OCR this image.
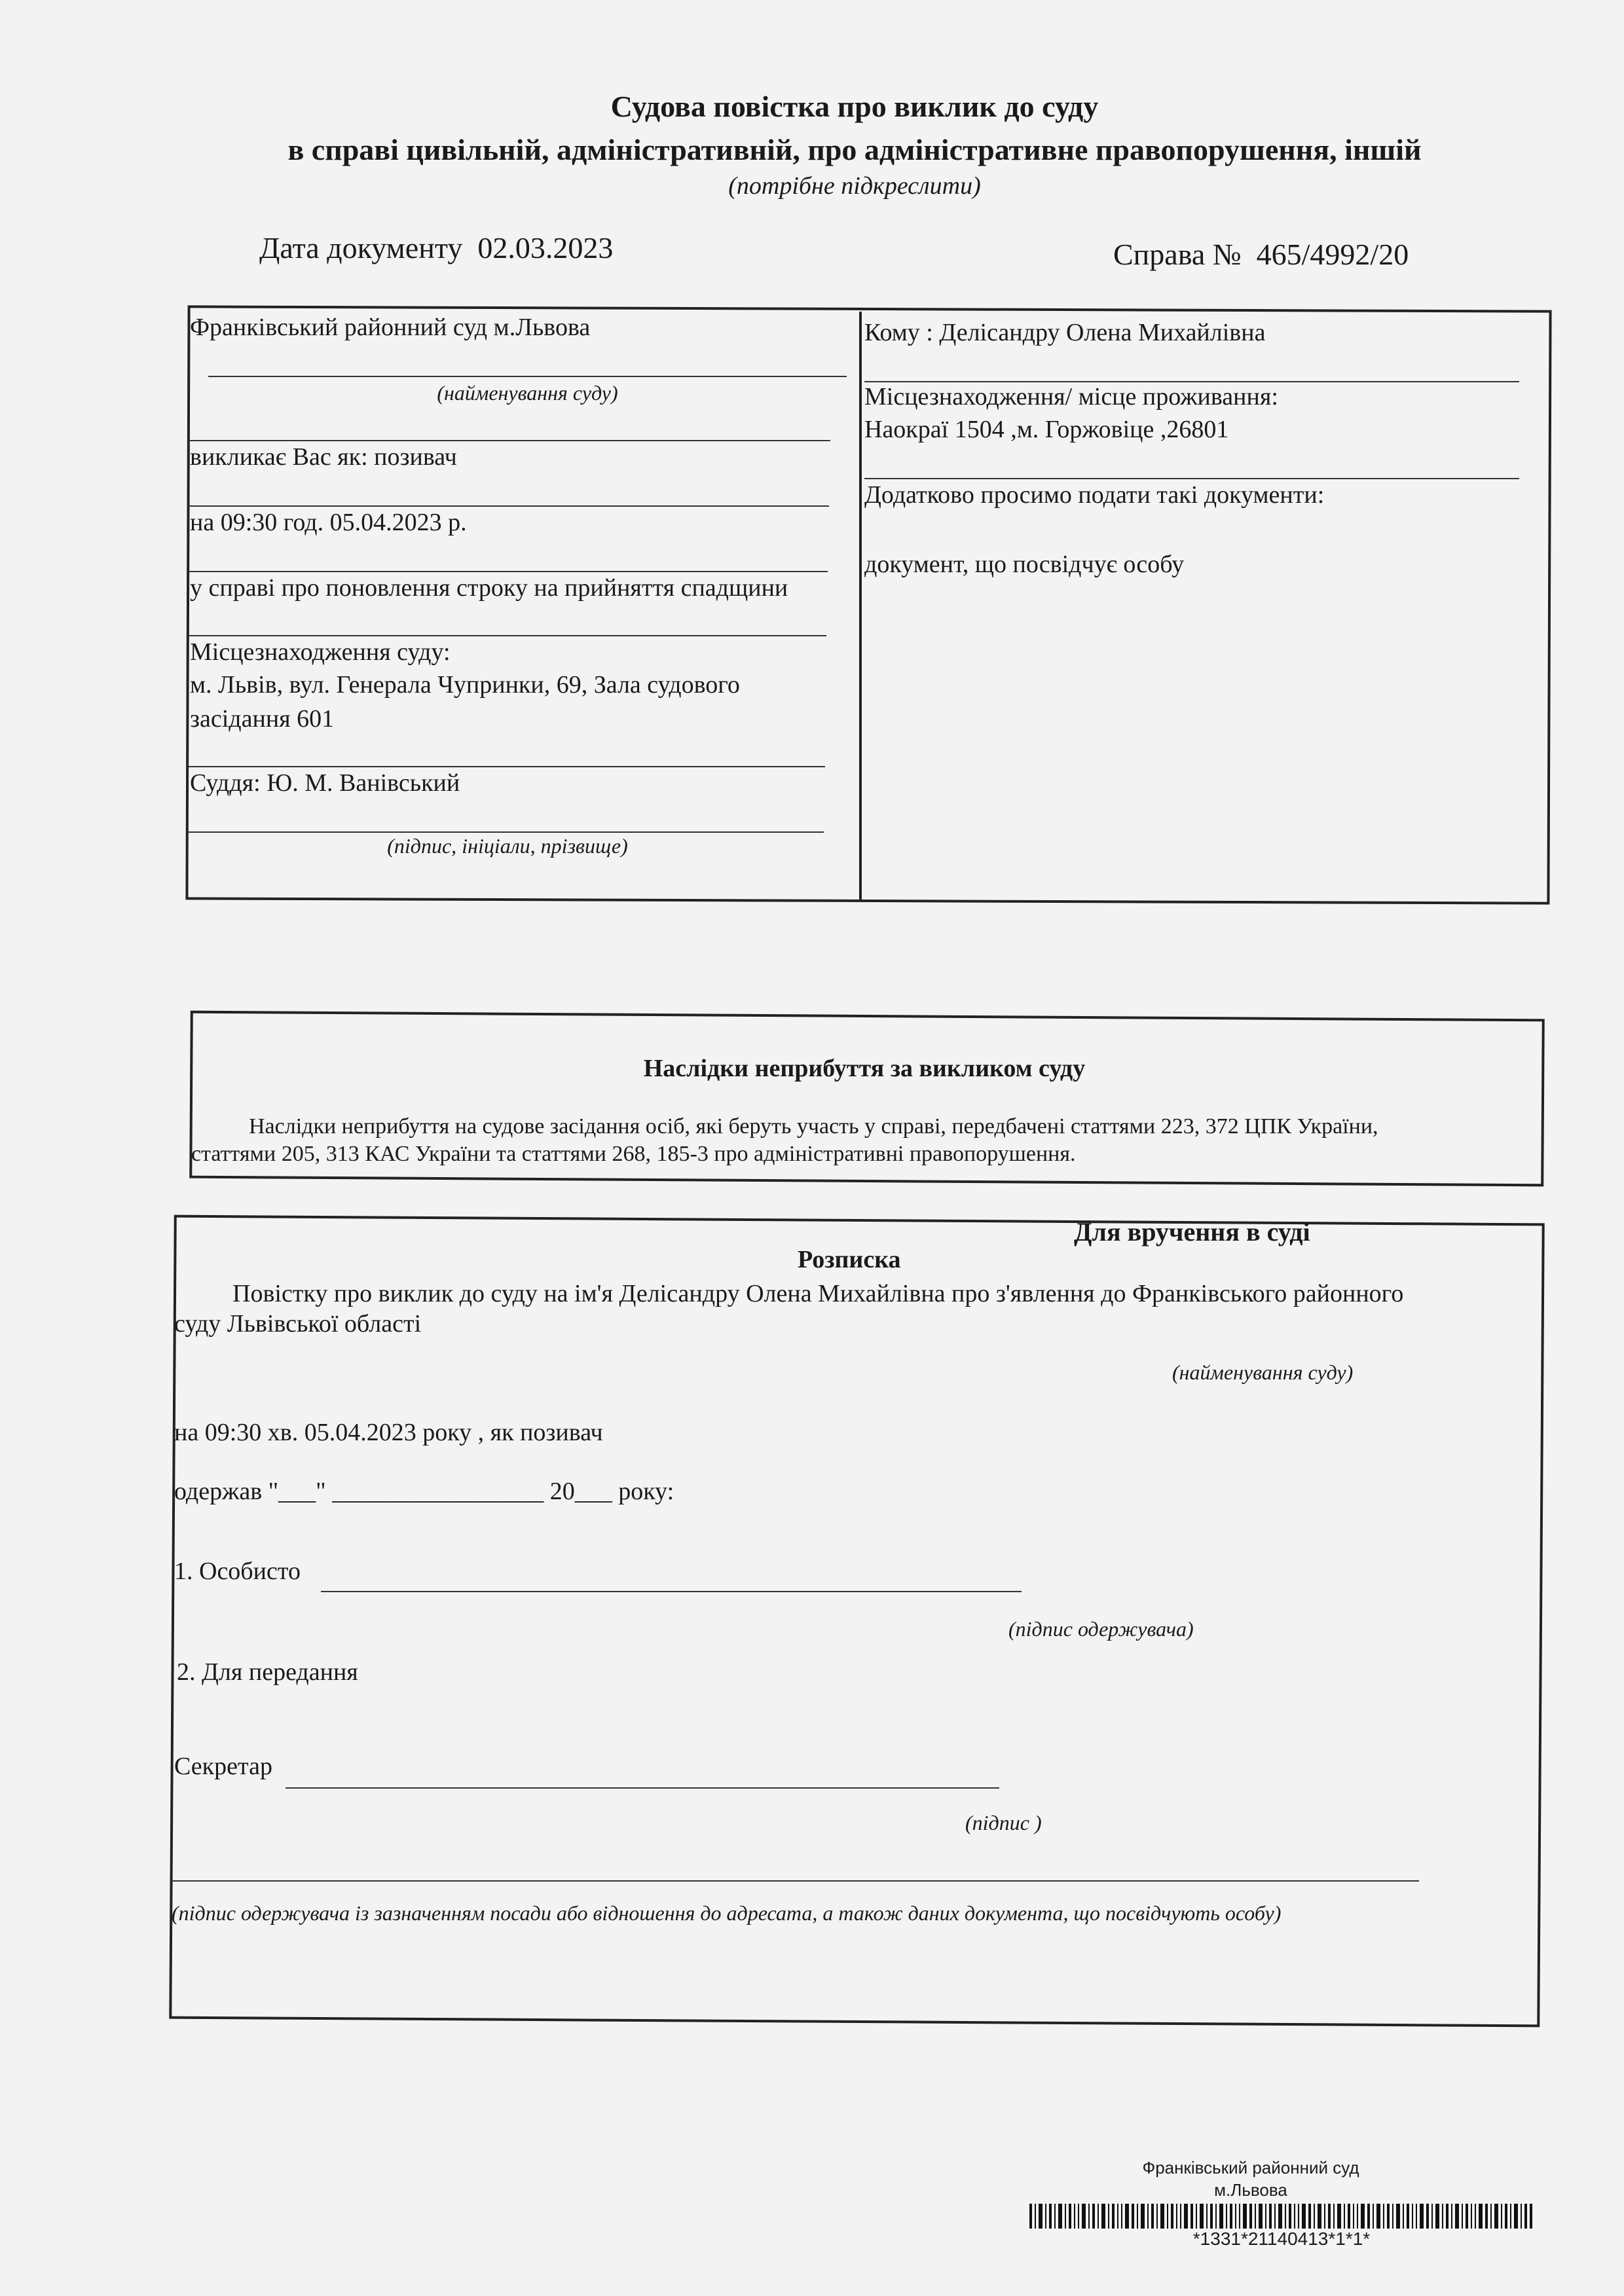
Судова повістка про виклик до суду
в справі цивільній, адміністративній, про адміністративне правопорушення, іншій
(потрібне підкреслити)
Дата документу 02.03.2023	Справа № 465/4992/20
Франківський районний суд м.Львова
(найменування суду)
викликає Вас як: позивач
на 09:30 год. 05.04.2023 р.
у справі про поновлення строку на прийняття спадщини
Місцезнаходження суду:
м. Львів, вул. Генерала Чупринки, 69, Зала судового
засідання 601
Суддя: Ю. М. Ванівський
(підпис, ініціали, прізвище)
Кому : Делісандру Олена Михайлівна
Місцезнаходження/ місце проживання:
Наокраї 1504 ,м. Горжовіце ,26801
Додатково просимо подати такі документи:
документ, що посвідчує особу
Наслідки неприбуття за викликом суду
Наслідки неприбуття на судове засідання осіб, які беруть участь у справі, передбачені статтями 223, 372 ЦПК України,
статтями 205, 313 КАС України та статтями 268, 185-3 про адміністративні правопорушення.
Для вручення в суді
Розписка
Повістку про виклик до суду на ім'я Делісандру Олена Михайлівна про з'явлення до Франківського районного
суду Львівської області
(найменування суду)
на 09:30 хв. 05.04.2023 року , як позивач
одержав "___" _________________ 20___ року:
1. Особисто
(підпис одержувача)
2. Для передання
Секретар
(підпис )
(підпис одержувача із зазначенням посади або відношення до адресата, а також даних документа, що посвідчують особу)
Франківський районний суд
м.Львова
*1331*21140413*1*1*
